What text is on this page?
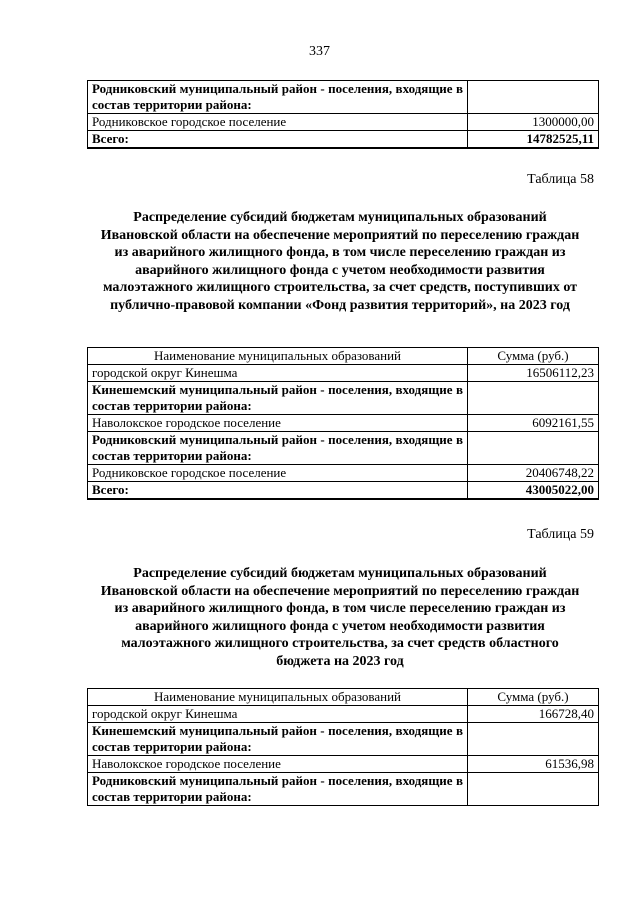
337
Родниковский муниципальный район - поселения, входящие в состав территории района:	
Родниковское городское поселение	1300000,00
Всего:	14782525,11
Таблица 58
Распределение субсидий бюджетам муниципальных образований Ивановской области на обеспечение мероприятий по переселению граждан из аварийного жилищного фонда, в том числе переселению граждан из аварийного жилищного фонда с учетом необходимости развития малоэтажного жилищного строительства, за счет средств, поступивших от публично-правовой компании «Фонд развития территорий», на 2023 год
Наименование муниципальных образований	Сумма (руб.)
городской округ Кинешма	16506112,23
Кинешемский муниципальный район - поселения, входящие в состав территории района:	
Наволокское городское поселение	6092161,55
Родниковский муниципальный район - поселения, входящие в состав территории района:	
Родниковское городское поселение	20406748,22
Всего:	43005022,00
Таблица 59
Распределение субсидий бюджетам муниципальных образований Ивановской области на обеспечение мероприятий по переселению граждан из аварийного жилищного фонда, в том числе переселению граждан из аварийного жилищного фонда с учетом необходимости развития малоэтажного жилищного строительства, за счет средств областного бюджета на 2023 год
Наименование муниципальных образований	Сумма (руб.)
городской округ Кинешма	166728,40
Кинешемский муниципальный район - поселения, входящие в состав территории района:	
Наволокское городское поселение	61536,98
Родниковский муниципальный район - поселения, входящие в состав территории района:	
